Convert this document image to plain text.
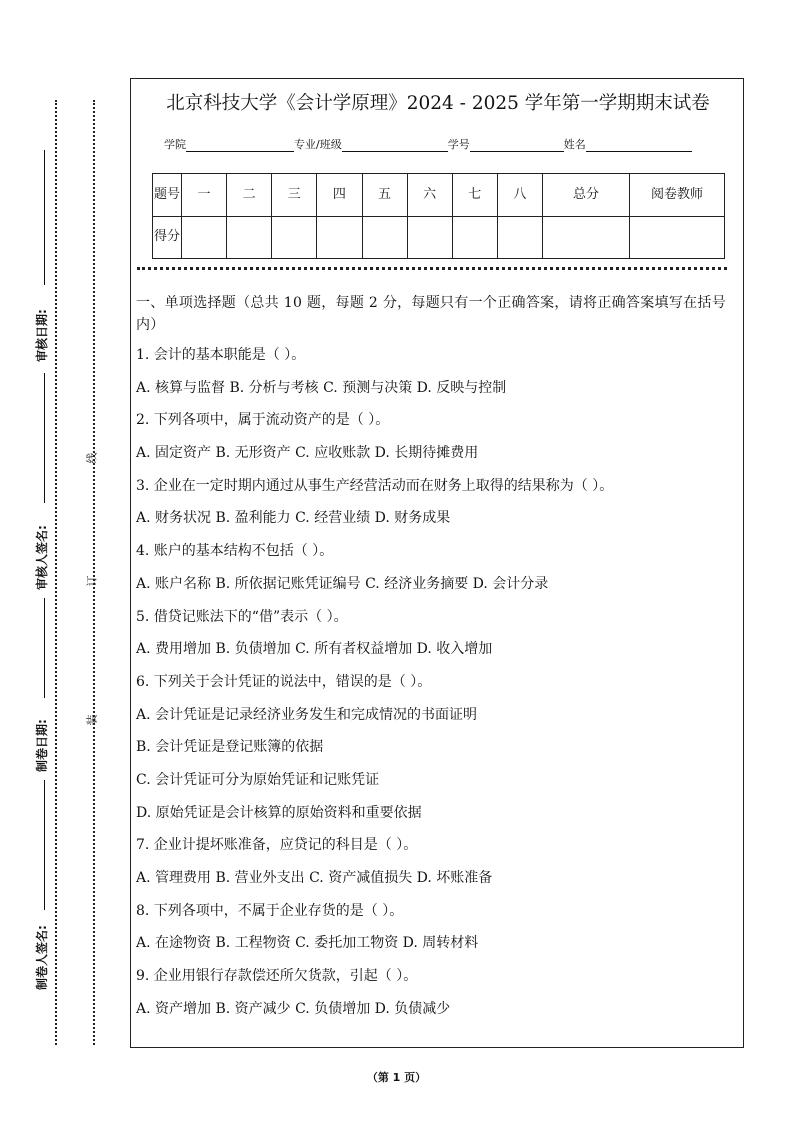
审核日期:
审核人签名:
制卷日期:
制卷人签名:
线
订
装
北京科技大学《会计学原理》2024 - 2025 学年第一学期期末试卷
学院	专业/班级	学号	姓名
题号	一	二	三	四	五	六	七	八	总分	阅卷教师
得分										
一、单项选择题（总共 10 题，每题 2 分，每题只有一个正确答案，请将正确答案填写在括号内）
1. 会计的基本职能是（ ）。
A. 核算与监督 B. 分析与考核 C. 预测与决策 D. 反映与控制
2. 下列各项中，属于流动资产的是（ ）。
A. 固定资产 B. 无形资产 C. 应收账款 D. 长期待摊费用
3. 企业在一定时期内通过从事生产经营活动而在财务上取得的结果称为（ ）。
A. 财务状况 B. 盈利能力 C. 经营业绩 D. 财务成果
4. 账户的基本结构不包括（ ）。
A. 账户名称 B. 所依据记账凭证编号 C. 经济业务摘要 D. 会计分录
5. 借贷记账法下的“借”表示（ ）。
A. 费用增加 B. 负债增加 C. 所有者权益增加 D. 收入增加
6. 下列关于会计凭证的说法中，错误的是（ ）。
A. 会计凭证是记录经济业务发生和完成情况的书面证明
B. 会计凭证是登记账簿的依据
C. 会计凭证可分为原始凭证和记账凭证
D. 原始凭证是会计核算的原始资料和重要依据
7. 企业计提坏账准备，应贷记的科目是（ ）。
A. 管理费用 B. 营业外支出 C. 资产减值损失 D. 坏账准备
8. 下列各项中，不属于企业存货的是（ ）。
A. 在途物资 B. 工程物资 C. 委托加工物资 D. 周转材料
9. 企业用银行存款偿还所欠货款，引起（ ）。
A. 资产增加 B. 资产减少 C. 负债增加 D. 负债减少
（第 1 页）
